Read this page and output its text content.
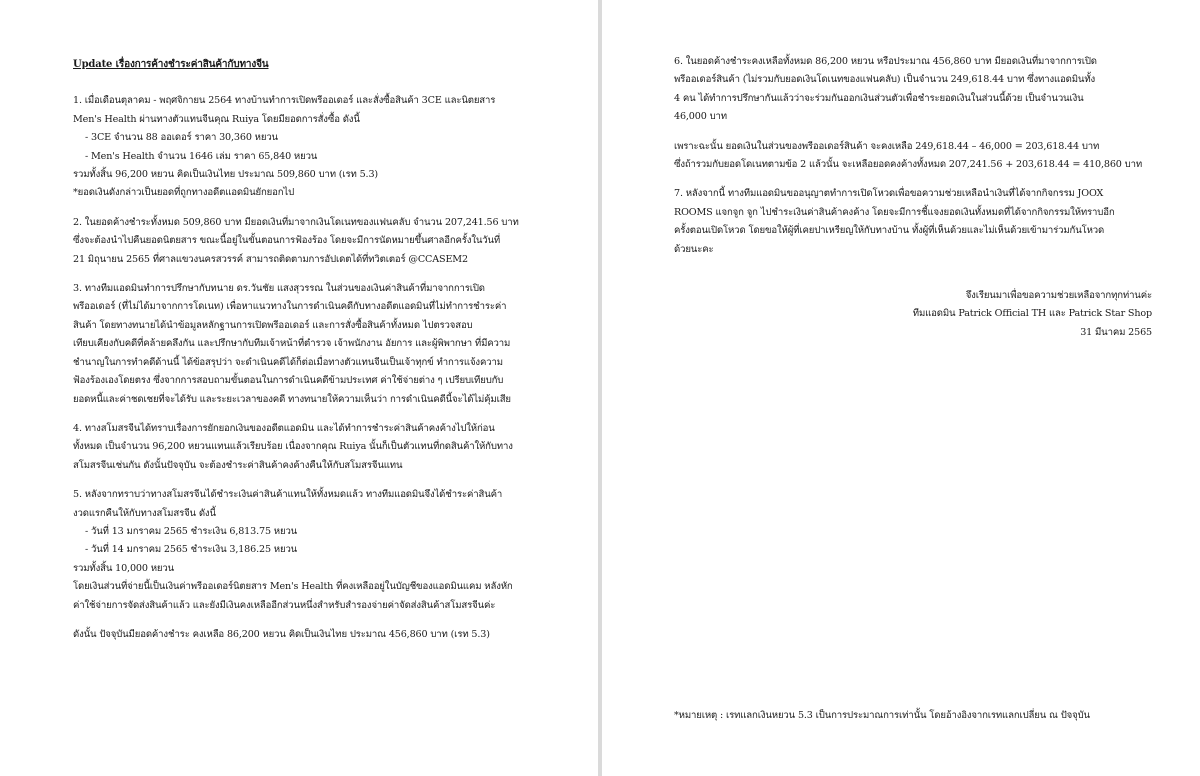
Update เรื่องการค้างชำระค่าสินค้ากับทางจีน

1. เมื่อเดือนตุลาคม - พฤศจิกายน 2564 ทางบ้านทำการเปิดพรีออเดอร์ และสั่งซื้อสินค้า 3CE และนิตยสาร

Men's Health ผ่านทางตัวแทนจีนคุณ Ruiya โดยมียอดการสั่งซื้อ ดังนี้

- 3CE จำนวน 88 ออเดอร์ ราคา 30,360 หยวน

- Men's Health จำนวน 1646 เล่ม ราคา 65,840 หยวน

รวมทั้งสิ้น 96,200 หยวน คิดเป็นเงินไทย ประมาณ 509,860 บาท (เรท 5.3)

*ยอดเงินดังกล่าวเป็นยอดที่ถูกทางอดีตแอดมินยักยอกไป

2. ในยอดค้างชำระทั้งหมด 509,860 บาท มียอดเงินที่มาจากเงินโดเนทของแฟนคลับ จำนวน 207,241.56 บาท

ซึ่งจะต้องนำไปคืนยอดนิตยสาร ขณะนี้อยู่ในขั้นตอนการฟ้องร้อง โดยจะมีการนัดหมายขึ้นศาลอีกครั้งในวันที่

21 มิถุนายน 2565 ที่ศาลแขวงนครสวรรค์ สามารถติดตามการอัปเดตได้ที่ทวิตเตอร์ @CCASEM2

3. ทางทีมแอดมินทำการปรึกษากับทนาย ดร.วันชัย แสงสุวรรณ ในส่วนของเงินค่าสินค้าที่มาจากการเปิด

พรีออเดอร์ (ที่ไม่ได้มาจากการโดเนท) เพื่อหาแนวทางในการดำเนินคดีกับทางอดีตแอดมินที่ไม่ทำการชำระค่า

สินค้า โดยทางทนายได้นำข้อมูลหลักฐานการเปิดพรีออเดอร์ และการสั่งซื้อสินค้าทั้งหมด ไปตรวจสอบ

เทียบเคียงกับคดีที่คล้ายคลึงกัน และปรึกษากับทีมเจ้าหน้าที่ตำรวจ เจ้าพนักงาน อัยการ และผู้พิพากษา ที่มีความ

ชำนาญในการทำคดีด้านนี้ ได้ข้อสรุปว่า จะดำเนินคดีได้ก็ต่อเมื่อทางตัวแทนจีนเป็นเจ้าทุกข์ ทำการแจ้งความ

ฟ้องร้องเองโดยตรง ซึ่งจากการสอบถามขั้นตอนในการดำเนินคดีข้ามประเทศ ค่าใช้จ่ายต่าง ๆ เปรียบเทียบกับ

ยอดหนี้และค่าชดเชยที่จะได้รับ และระยะเวลาของคดี ทางทนายให้ความเห็นว่า การดำเนินคดีนี้จะได้ไม่คุ้มเสีย

4. ทางสโมสรจีนได้ทราบเรื่องการยักยอกเงินของอดีตแอดมิน และได้ทำการชำระค่าสินค้าคงค้างไปให้ก่อน

ทั้งหมด เป็นจำนวน 96,200 หยวนแทนแล้วเรียบร้อย เนื่องจากคุณ Ruiya นั้นก็เป็นตัวแทนที่กดสินค้าให้กับทาง

สโมสรจีนเช่นกัน ดังนั้นปัจจุบัน จะต้องชำระค่าสินค้าคงค้างคืนให้กับสโมสรจีนแทน

5. หลังจากทราบว่าทางสโมสรจีนได้ชำระเงินค่าสินค้าแทนให้ทั้งหมดแล้ว ทางทีมแอดมินจึงได้ชำระค่าสินค้า

งวดแรกคืนให้กับทางสโมสรจีน ดังนี้

- วันที่ 13 มกราคม 2565 ชำระเงิน 6,813.75 หยวน

- วันที่ 14 มกราคม 2565 ชำระเงิน 3,186.25 หยวน

รวมทั้งสิ้น 10,000 หยวน

โดยเงินส่วนที่จ่ายนี้เป็นเงินค่าพรีออเดอร์นิตยสาร Men's Health ที่คงเหลืออยู่ในบัญชีของแอดมินแคม หลังหัก

ค่าใช้จ่ายการจัดส่งสินค้าแล้ว และยังมีเงินคงเหลืออีกส่วนหนึ่งสำหรับสำรองจ่ายค่าจัดส่งสินค้าสโมสรจีนค่ะ

ดังนั้น ปัจจุบันมียอดค้างชำระ คงเหลือ 86,200 หยวน คิดเป็นเงินไทย ประมาณ 456,860 บาท (เรท 5.3)

6. ในยอดค้างชำระคงเหลือทั้งหมด 86,200 หยวน หรือประมาณ 456,860 บาท มียอดเงินที่มาจากการเปิด

พรีออเดอร์สินค้า (ไม่รวมกับยอดเงินโดเนทของแฟนคลับ) เป็นจำนวน 249,618.44 บาท ซึ่งทางแอดมินทั้ง

4 คน ได้ทำการปรึกษากันแล้วว่าจะร่วมกันออกเงินส่วนตัวเพื่อชำระยอดเงินในส่วนนี้ด้วย เป็นจำนวนเงิน

46,000 บาท

เพราะฉะนั้น ยอดเงินในส่วนของพรีออเดอร์สินค้า จะคงเหลือ 249,618.44 – 46,000 = 203,618.44 บาท

ซึ่งถ้ารวมกับยอดโดเนทตามข้อ 2 แล้วนั้น จะเหลือยอดคงค้างทั้งหมด 207,241.56 + 203,618.44 = 410,860 บาท

7. หลังจากนี้ ทางทีมแอดมินขออนุญาตทำการเปิดโหวดเพื่อขอความช่วยเหลือนำเงินที่ได้จากกิจกรรม JOOX

ROOMS แจกจูก จูก ไปชำระเงินค่าสินค้าคงค้าง โดยจะมีการชี้แจงยอดเงินทั้งหมดที่ได้จากกิจกรรมให้ทราบอีก

ครั้งตอนเปิดโหวด โดยขอให้ผู้ที่เคยปาเหรียญให้กับทางบ้าน ทั้งผู้ที่เห็นด้วยและไม่เห็นด้วยเข้ามาร่วมกันโหวด

ด้วยนะคะ

จึงเรียนมาเพื่อขอความช่วยเหลือจากทุกท่านค่ะ

ทีมแอดมิน Patrick Official TH และ Patrick Star Shop

31 มีนาคม 2565

*หมายเหตุ : เรทแลกเงินหยวน 5.3 เป็นการประมาณการเท่านั้น โดยอ้างอิงจากเรทแลกเปลี่ยน ณ ปัจจุบัน
